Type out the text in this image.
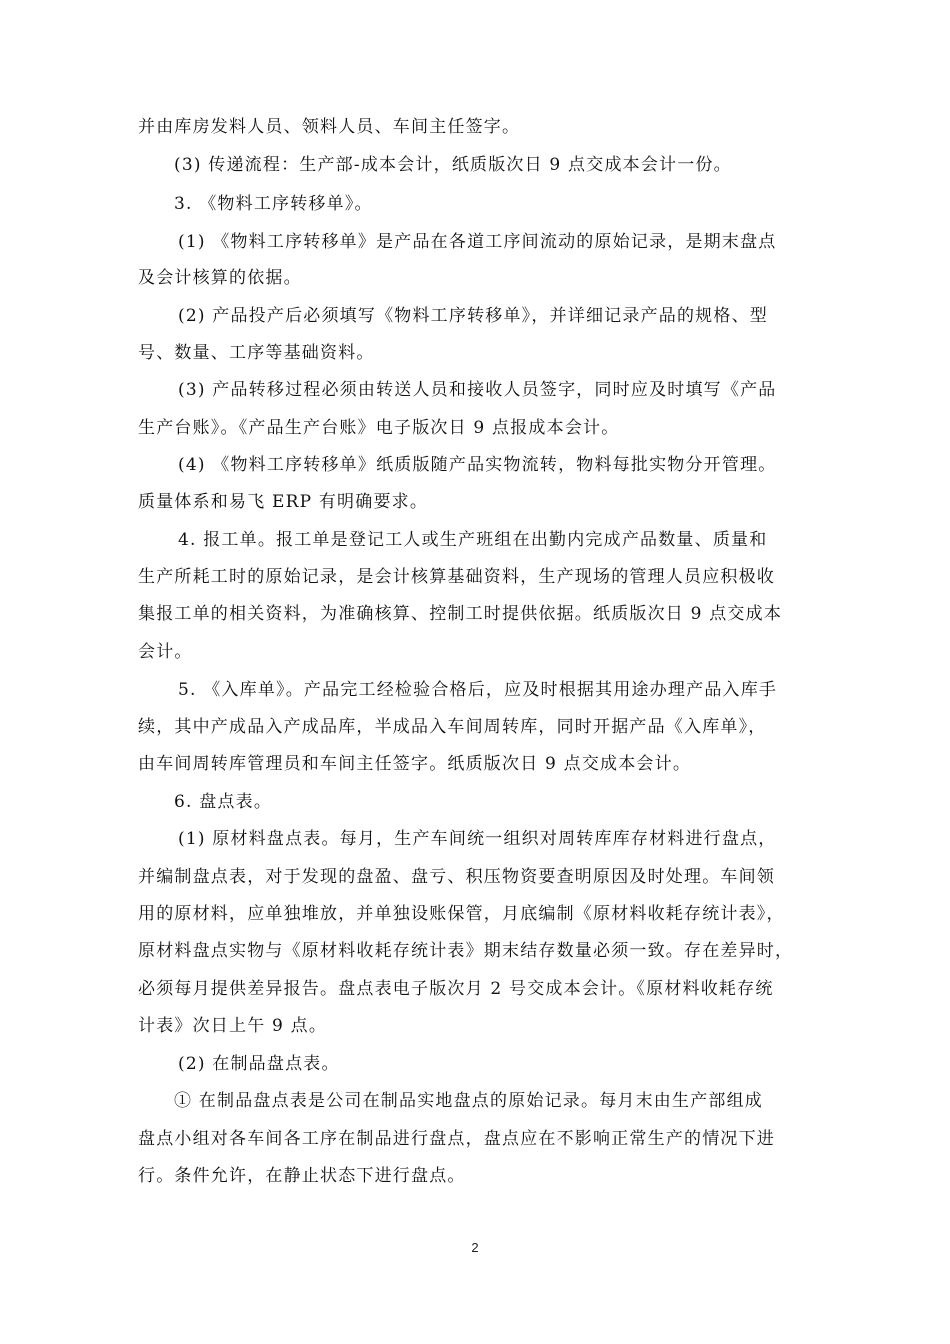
并由库房发料人员、领料人员、车间主任签字。
(3) 传递流程：生产部-成本会计，纸质版次日 9 点交成本会计一份。
3. 《物料工序转移单》。
(1) 《物料工序转移单》是产品在各道工序间流动的原始记录，是期末盘点
及会计核算的依据。
(2) 产品投产后必须填写《物料工序转移单》，并详细记录产品的规格、型
号、数量、工序等基础资料。
(3) 产品转移过程必须由转送人员和接收人员签字，同时应及时填写《产品
生产台账》。《产品生产台账》电子版次日 9 点报成本会计。
(4) 《物料工序转移单》纸质版随产品实物流转，物料每批实物分开管理。
质量体系和易飞 ERP 有明确要求。
4. 报工单。报工单是登记工人或生产班组在出勤内完成产品数量、质量和
生产所耗工时的原始记录，是会计核算基础资料，生产现场的管理人员应积极收
集报工单的相关资料，为准确核算、控制工时提供依据。纸质版次日 9 点交成本
会计。
5. 《入库单》。产品完工经检验合格后，应及时根据其用途办理产品入库手
续，其中产成品入产成品库，半成品入车间周转库，同时开据产品《入库单》，
由车间周转库管理员和车间主任签字。纸质版次日 9 点交成本会计。
6. 盘点表。
(1) 原材料盘点表。每月，生产车间统一组织对周转库库存材料进行盘点，
并编制盘点表，对于发现的盘盈、盘亏、积压物资要查明原因及时处理。车间领
用的原材料，应单独堆放，并单独设账保管，月底编制《原材料收耗存统计表》，
原材料盘点实物与《原材料收耗存统计表》期末结存数量必须一致。存在差异时，
必须每月提供差异报告。盘点表电子版次月 2 号交成本会计。《原材料收耗存统
计表》次日上午 9 点。
(2) 在制品盘点表。
① 在制品盘点表是公司在制品实地盘点的原始记录。每月末由生产部组成
盘点小组对各车间各工序在制品进行盘点，盘点应在不影响正常生产的情况下进
行。条件允许，在静止状态下进行盘点。
2
